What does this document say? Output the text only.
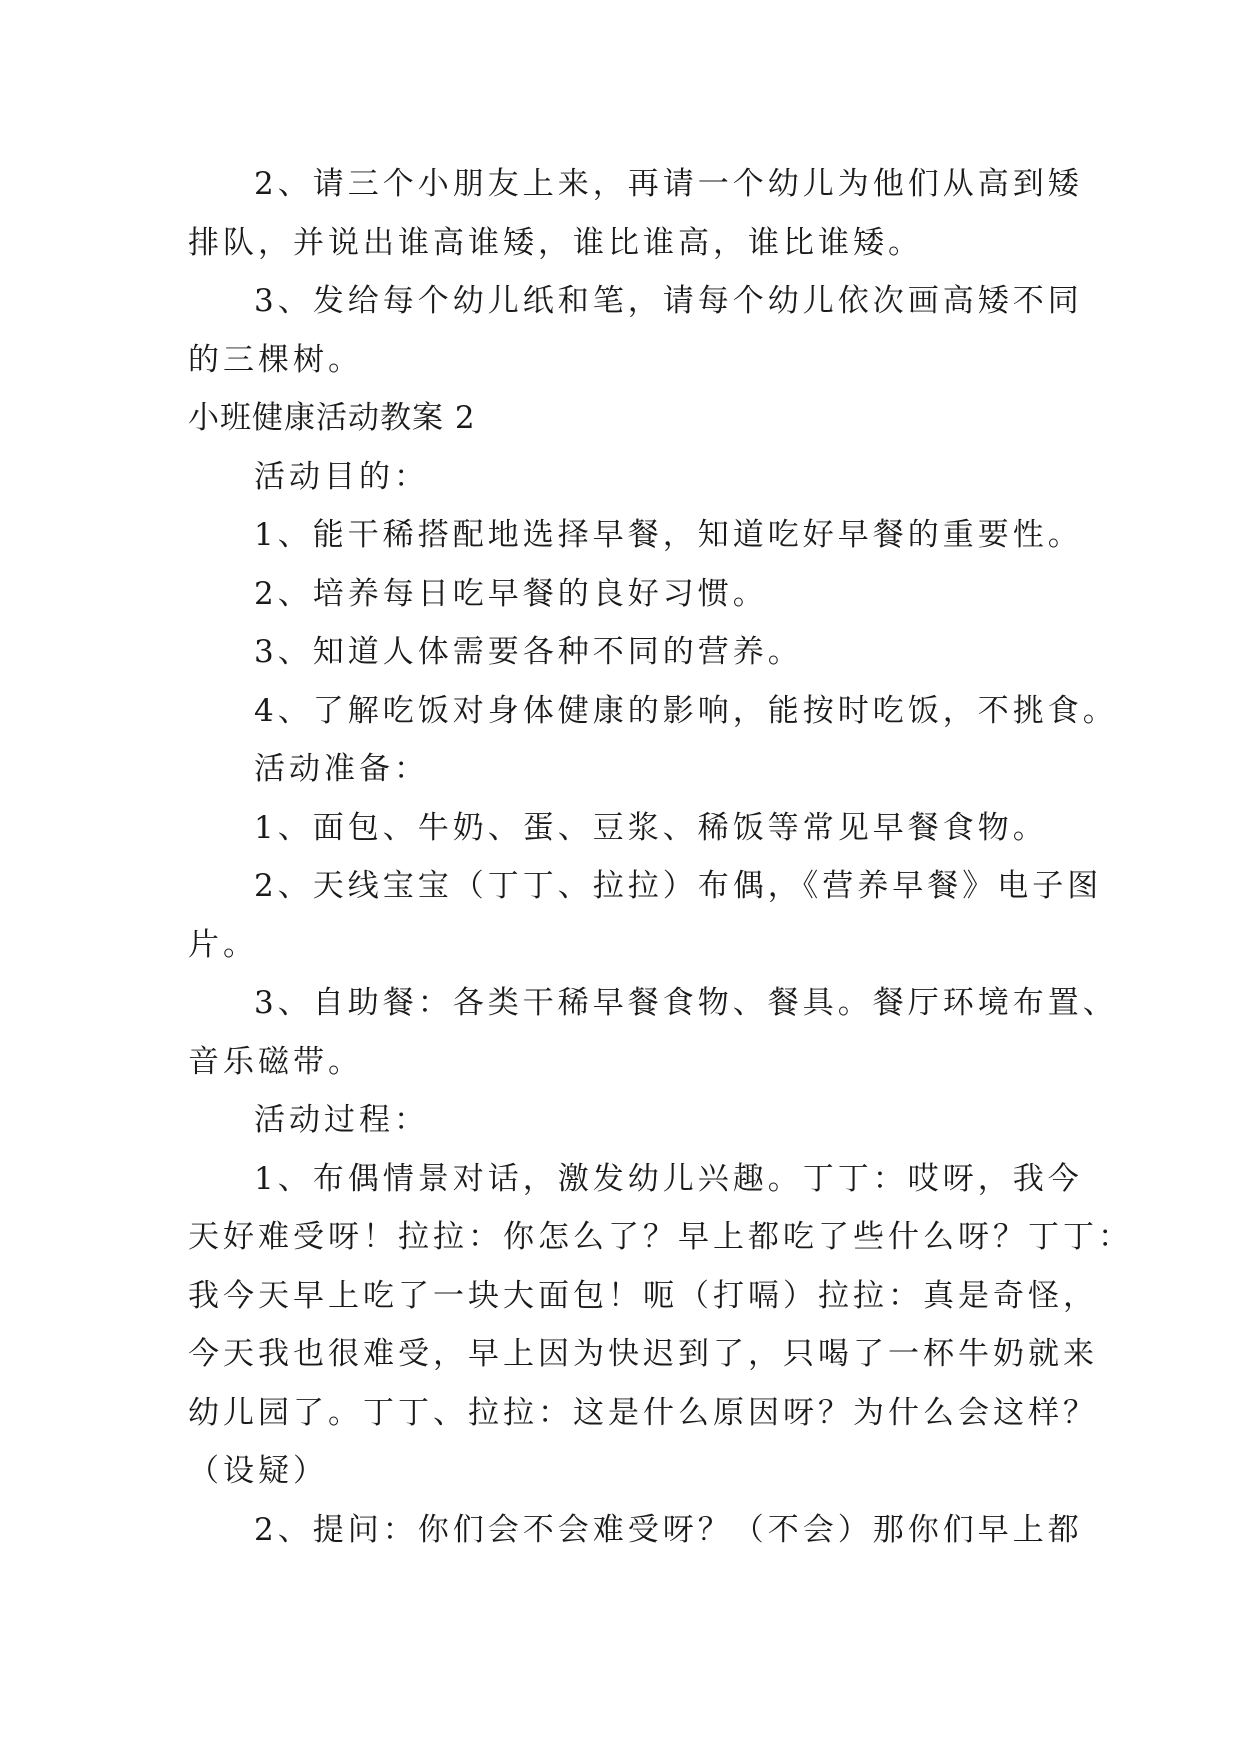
2、请三个小朋友上来，再请一个幼儿为他们从高到矮
排队，并说出谁高谁矮，谁比谁高，谁比谁矮。
3、发给每个幼儿纸和笔，请每个幼儿依次画高矮不同
的三棵树。
小班健康活动教案 2
活动目的：
1、能干稀搭配地选择早餐，知道吃好早餐的重要性。
2、培养每日吃早餐的良好习惯。
3、知道人体需要各种不同的营养。
4、了解吃饭对身体健康的影响，能按时吃饭，不挑食。
活动准备：
1、面包、牛奶、蛋、豆浆、稀饭等常见早餐食物。
2、天线宝宝（丁丁、拉拉）布偶，《营养早餐》电子图
片。
3、自助餐：各类干稀早餐食物、餐具。餐厅环境布置、
音乐磁带。
活动过程：
1、布偶情景对话，激发幼儿兴趣。丁丁：哎呀，我今
天好难受呀！拉拉：你怎么了？早上都吃了些什么呀？丁丁：
我今天早上吃了一块大面包！呃（打嗝）拉拉：真是奇怪，
今天我也很难受，早上因为快迟到了，只喝了一杯牛奶就来
幼儿园了。丁丁、拉拉：这是什么原因呀？为什么会这样？
（设疑）
2、提问：你们会不会难受呀？（不会）那你们早上都
